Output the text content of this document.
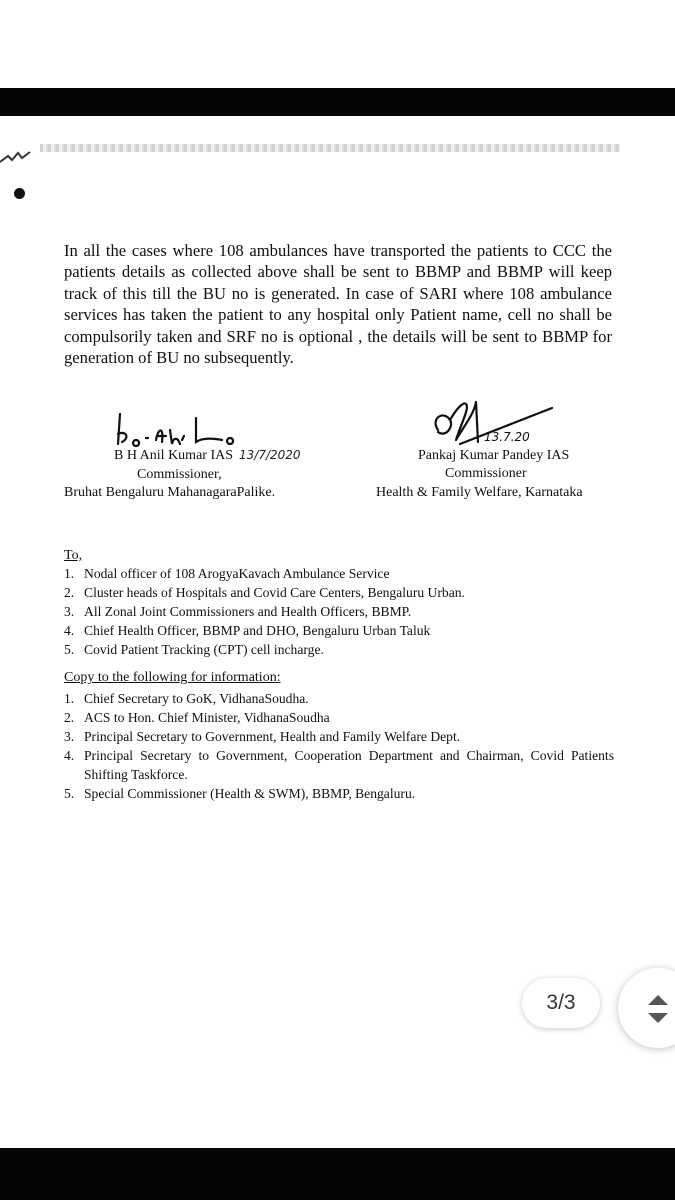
In all the cases where 108 ambulances have transported the patients to CCC the patients details as collected above shall be sent to BBMP and BBMP will keep track of this till the BU no is generated. In case of SARI where 108 ambulance services has taken the patient to any hospital only Patient name, cell no shall be compulsorily taken and SRF no is optional , the details will be sent to BBMP for generation of BU no subsequently.

B H Anil Kumar IAS 13/7/2020
Commissioner,
Bruhat Bengaluru MahanagaraPalike.
13.7.20
Pankaj Kumar Pandey IAS
Commissioner
Health & Family Welfare, Karnataka

To,

1. Nodal officer of 108 ArogyaKavach Ambulance Service
2. Cluster heads of Hospitals and Covid Care Centers, Bengaluru Urban.
3. All Zonal Joint Commissioners and Health Officers, BBMP.
4. Chief Health Officer, BBMP and DHO, Bengaluru Urban Taluk
5. Covid Patient Tracking (CPT) cell incharge.

Copy to the following for information:

1. Chief Secretary to GoK, VidhanaSoudha.
2. ACS to Hon. Chief Minister, VidhanaSoudha
3. Principal Secretary to Government, Health and Family Welfare Dept.
4. Principal Secretary to Government, Cooperation Department and Chairman, Covid Patients Shifting Taskforce.
5. Special Commissioner (Health & SWM), BBMP, Bengaluru.
3/3
